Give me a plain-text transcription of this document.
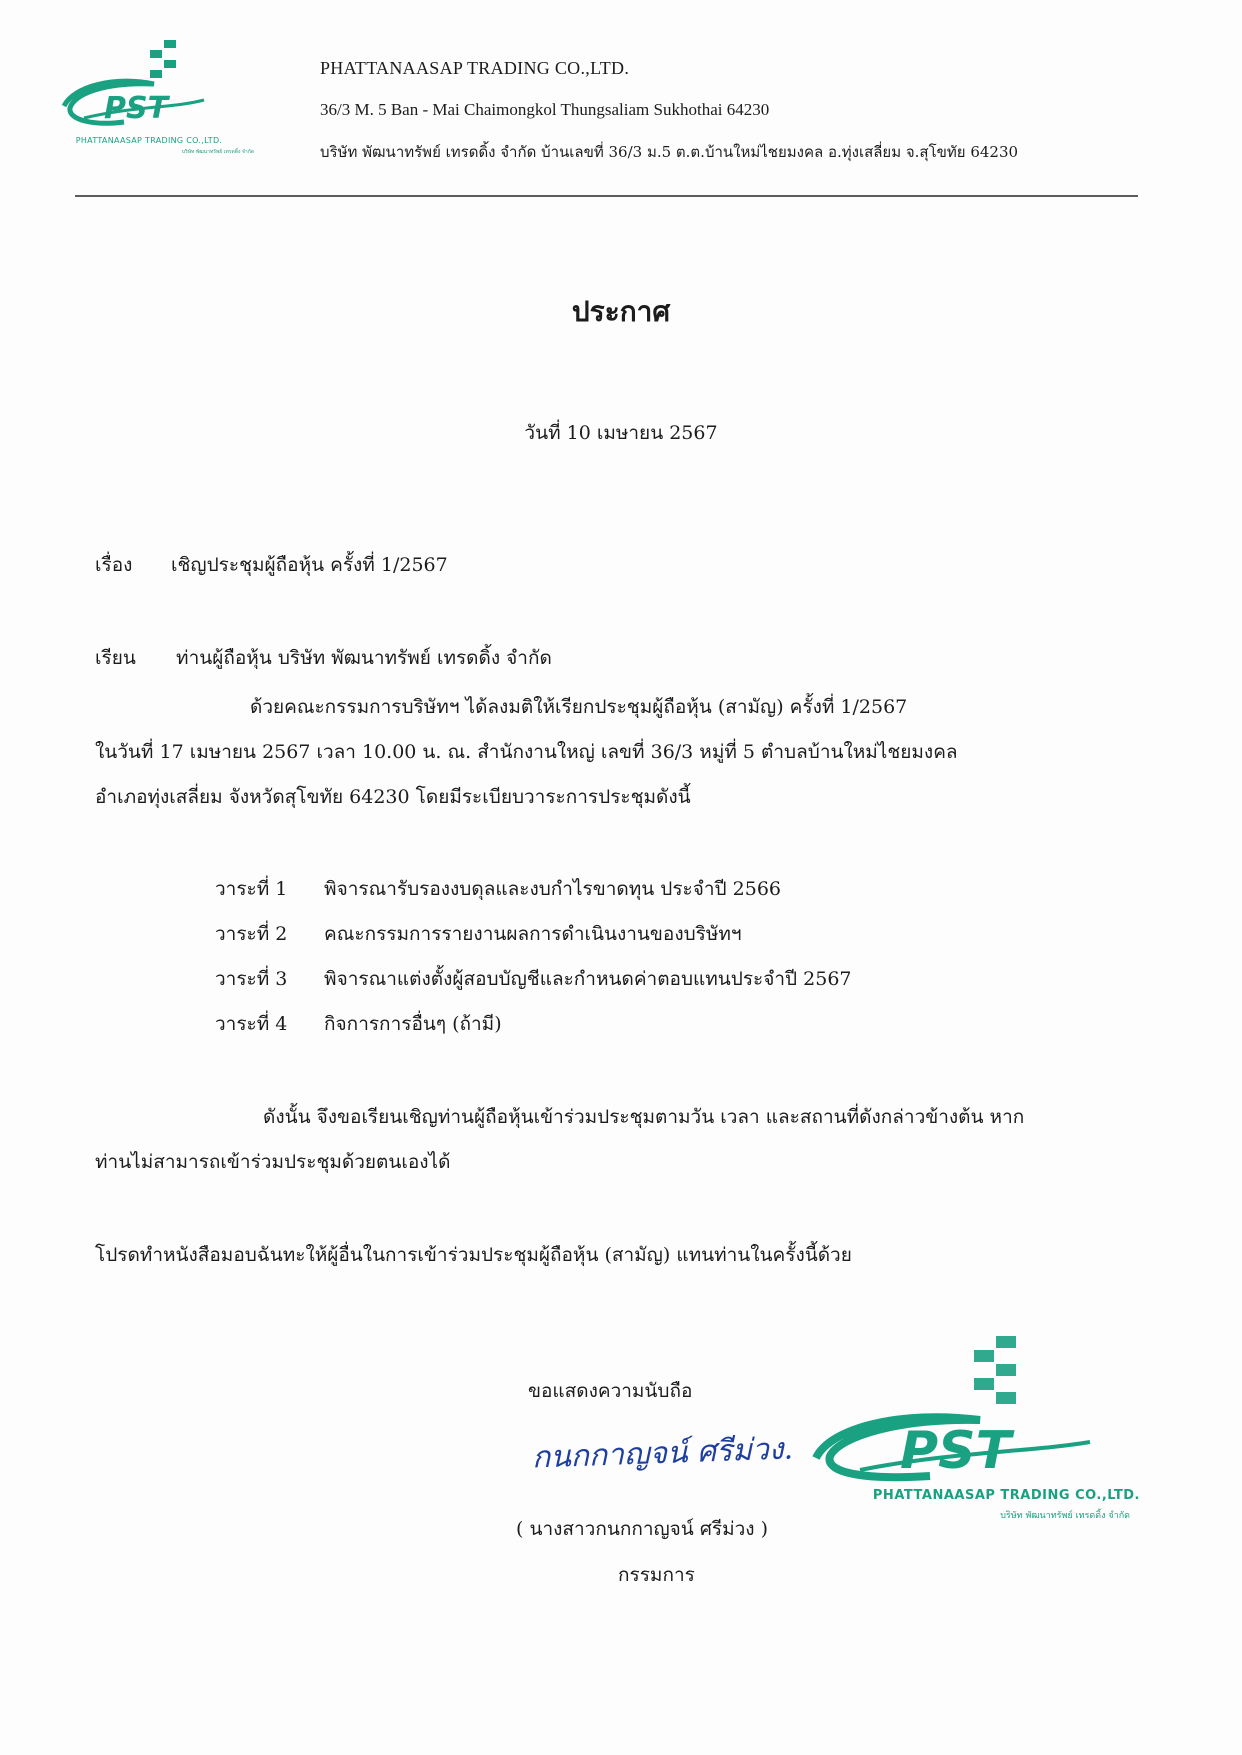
PST
PHATTANAASAP TRADING CO.,LTD.
บริษัท พัฒนาทรัพย์ เทรดดิ้ง จำกัด
PHATTANAASAP TRADING CO.,LTD.
36/3 M. 5 Ban - Mai Chaimongkol Thungsaliam Sukhothai 64230
บริษัท พัฒนาทรัพย์ เทรดดิ้ง จำกัด บ้านเลขที่ 36/3 ม.5 ต.ต.บ้านใหม่ไชยมงคล อ.ทุ่งเสลี่ยม จ.สุโขทัย 64230
ประกาศ
วันที่ 10 เมษายน 2567
เรื่อง เชิญประชุมผู้ถือหุ้น ครั้งที่ 1/2567
เรียน ท่านผู้ถือหุ้น บริษัท พัฒนาทรัพย์ เทรดดิ้ง จำกัด
ด้วยคณะกรรมการบริษัทฯ ได้ลงมติให้เรียกประชุมผู้ถือหุ้น (สามัญ) ครั้งที่ 1/2567
ในวันที่ 17 เมษายน 2567 เวลา 10.00 น. ณ. สำนักงานใหญ่ เลขที่ 36/3 หมู่ที่ 5 ตำบลบ้านใหม่ไชยมงคล
อำเภอทุ่งเสลี่ยม จังหวัดสุโขทัย 64230 โดยมีระเบียบวาระการประชุมดังนี้
วาระที่ 1 พิจารณารับรองงบดุลและงบกำไรขาดทุน ประจำปี 2566
วาระที่ 2 คณะกรรมการรายงานผลการดำเนินงานของบริษัทฯ
วาระที่ 3 พิจารณาแต่งตั้งผู้สอบบัญชีและกำหนดค่าตอบแทนประจำปี 2567
วาระที่ 4 กิจการการอื่นๆ (ถ้ามี)
ดังนั้น จึงขอเรียนเชิญท่านผู้ถือหุ้นเข้าร่วมประชุมตามวัน เวลา และสถานที่ดังกล่าวข้างต้น หาก
ท่านไม่สามารถเข้าร่วมประชุมด้วยตนเองได้
โปรดทำหนังสือมอบฉันทะให้ผู้อื่นในการเข้าร่วมประชุมผู้ถือหุ้น (สามัญ) แทนท่านในครั้งนี้ด้วย
ขอแสดงความนับถือ
กนกกาญจน์ ศรีม่วง.
( นางสาวกนกกาญจน์ ศรีม่วง )
กรรมการ
PST
PHATTANAASAP TRADING CO.,LTD.
บริษัท พัฒนาทรัพย์ เทรดดิ้ง จำกัด
